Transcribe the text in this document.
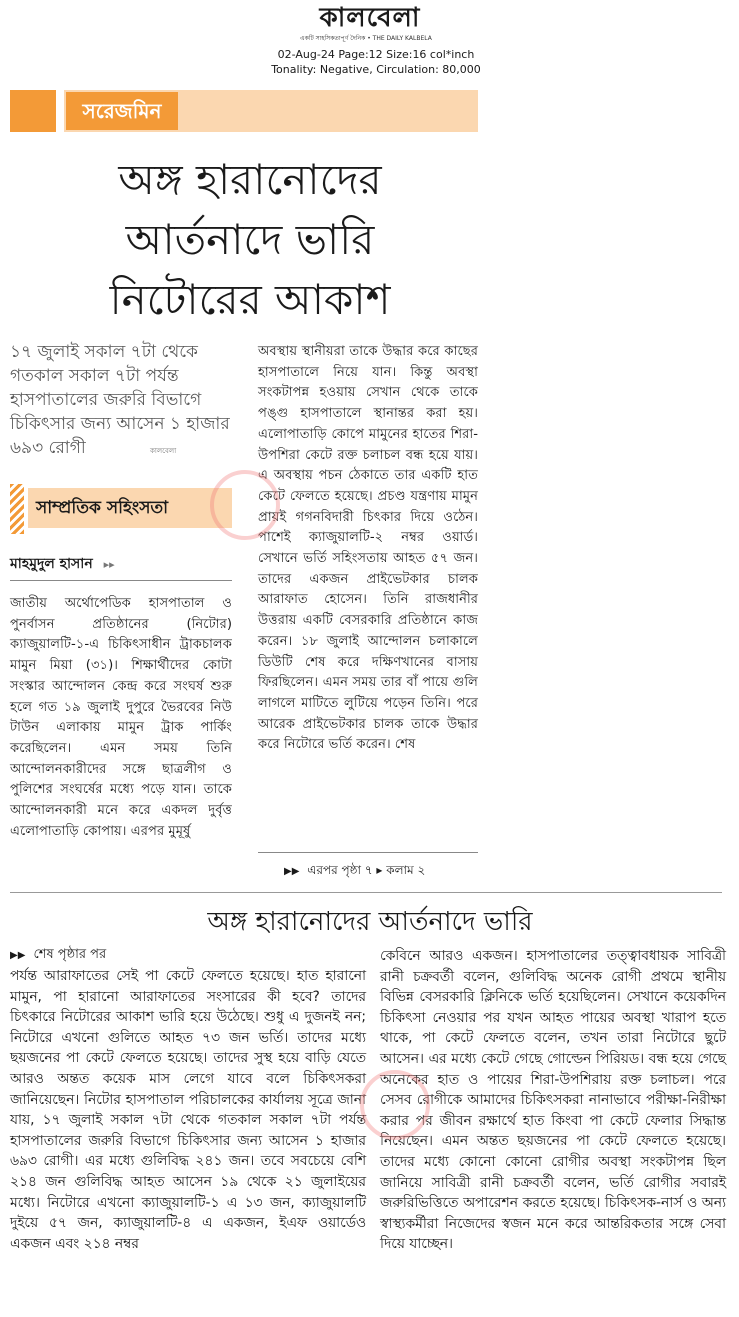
কালবেলা
একটি সাহসিকতাপূর্ণ দৈনিক • THE DAILY KALBELA
02-Aug-24 Page:12 Size:16 col*inch
Tonality: Negative, Circulation: 80,000
সরেজমিন
অঙ্গ হারানোদের
আর্তনাদে ভারি
নিটোরের আকাশ
১৭ জুলাই সকাল ৭টা থেকে গতকাল সকাল ৭টা পর্যন্ত হাসপাতালের জরুরি বিভাগে চিকিৎসার জন্য আসেন ১ হাজার ৬৯৩ রোগী	কালবেলা
সাম্প্রতিক সহিংসতা
মাহমুদুল হাসান ▸▸
জাতীয় অর্থোপেডিক হাসপাতাল ও পুনর্বাসন প্রতিষ্ঠানের (নিটোর) ক্যাজুয়ালটি-১-এ চিকিৎসাধীন ট্রাকচালক মামুন মিয়া (৩১)। শিক্ষার্থীদের কোটা সংস্কার আন্দোলন কেন্দ্র করে সংঘর্ষ শুরু হলে গত ১৯ জুলাই দুপুরে ভৈরবের নিউ টাউন এলাকায় মামুন ট্রাক পার্কিং করেছিলেন। এমন সময় তিনি আন্দোলনকারীদের সঙ্গে ছাত্রলীগ ও পুলিশের সংঘর্ষের মধ্যে পড়ে যান। তাকে আন্দোলনকারী মনে করে একদল দুর্বৃত্ত এলোপাতাড়ি কোপায়। এরপর মুমূর্ষু
অবস্থায় স্থানীয়রা তাকে উদ্ধার করে কাছের হাসপাতালে নিয়ে যান। কিন্তু অবস্থা সংকটাপন্ন হওয়ায় সেখান থেকে তাকে পঙ্গু হাসপাতালে স্থানান্তর করা হয়। এলোপাতাড়ি কোপে মামুনের হাতের শিরা-উপশিরা কেটে রক্ত চলাচল বন্ধ হয়ে যায়। এ অবস্থায় পচন ঠেকাতে তার একটি হাত কেটে ফেলতে হয়েছে। প্রচণ্ড যন্ত্রণায় মামুন প্রায়ই গগনবিদারী চিৎকার দিয়ে ওঠেন। পাশেই ক্যাজুয়ালটি-২ নম্বর ওয়ার্ড। সেখানে ভর্তি সহিংসতায় আহত ৫৭ জন। তাদের একজন প্রাইভেটকার চালক আরাফাত হোসেন। তিনি রাজধানীর উত্তরায় একটি বেসরকারি প্রতিষ্ঠানে কাজ করেন। ১৮ জুলাই আন্দোলন চলাকালে ডিউটি শেষ করে দক্ষিণখানের বাসায় ফিরছিলেন। এমন সময় তার বাঁ পায়ে গুলি লাগলে মাটিতে লুটিয়ে পড়েন তিনি। পরে আরেক প্রাইভেটকার চালক তাকে উদ্ধার করে নিটোরে ভর্তি করেন। শেষ
▶▶ এরপর পৃষ্ঠা ৭ ▸ কলাম ২
অঙ্গ হারানোদের আর্তনাদে ভারি
▶▶ শেষ পৃষ্ঠার পর
পর্যন্ত আরাফাতের সেই পা কেটে ফেলতে হয়েছে। হাত হারানো মামুন, পা হারানো আরাফাতের সংসারের কী হবে? তাদের চিৎকারে নিটোরের আকাশ ভারি হয়ে উঠেছে। শুধু এ দুজনই নন; নিটোরে এখনো গুলিতে আহত ৭৩ জন ভর্তি। তাদের মধ্যে ছয়জনের পা কেটে ফেলতে হয়েছে। তাদের সুস্থ হয়ে বাড়ি যেতে আরও অন্তত কয়েক মাস লেগে যাবে বলে চিকিৎসকরা জানিয়েছেন। নিটোর হাসপাতাল পরিচালকের কার্যালয় সূত্রে জানা যায়, ১৭ জুলাই সকাল ৭টা থেকে গতকাল সকাল ৭টা পর্যন্ত হাসপাতালের জরুরি বিভাগে চিকিৎসার জন্য আসেন ১ হাজার ৬৯৩ রোগী। এর মধ্যে গুলিবিদ্ধ ২৪১ জন। তবে সবচেয়ে বেশি ২১৪ জন গুলিবিদ্ধ আহত আসেন ১৯ থেকে ২১ জুলাইয়ের মধ্যে। নিটোরে এখনো ক্যাজুয়ালটি-১ এ ১৩ জন, ক্যাজুয়ালটি দুইয়ে ৫৭ জন, ক্যাজুয়ালটি-৪ এ একজন, ইএফ ওয়ার্ডেও একজন এবং ২১৪ নম্বর
কেবিনে আরও একজন। হাসপাতালের তত্ত্বাবধায়ক সাবিত্রী রানী চক্রবর্তী বলেন, গুলিবিদ্ধ অনেক রোগী প্রথমে স্থানীয় বিভিন্ন বেসরকারি ক্লিনিকে ভর্তি হয়েছিলেন। সেখানে কয়েকদিন চিকিৎসা নেওয়ার পর যখন আহত পায়ের অবস্থা খারাপ হতে থাকে, পা কেটে ফেলতে বলেন, তখন তারা নিটোরে ছুটে আসেন। এর মধ্যে কেটে গেছে গোল্ডেন পিরিয়ড। বন্ধ হয়ে গেছে অনেকের হাত ও পায়ের শিরা-উপশিরায় রক্ত চলাচল। পরে সেসব রোগীকে আমাদের চিকিৎসকরা নানাভাবে পরীক্ষা-নিরীক্ষা করার পর জীবন রক্ষার্থে হাত কিংবা পা কেটে ফেলার সিদ্ধান্ত নিয়েছেন। এমন অন্তত ছয়জনের পা কেটে ফেলতে হয়েছে। তাদের মধ্যে কোনো কোনো রোগীর অবস্থা সংকটাপন্ন ছিল জানিয়ে সাবিত্রী রানী চক্রবর্তী বলেন, ভর্তি রোগীর সবারই জরুরিভিত্তিতে অপারেশন করতে হয়েছে। চিকিৎসক-নার্স ও অন্য স্বাস্থ্যকর্মীরা নিজেদের স্বজন মনে করে আন্তরিকতার সঙ্গে সেবা দিয়ে যাচ্ছেন।
